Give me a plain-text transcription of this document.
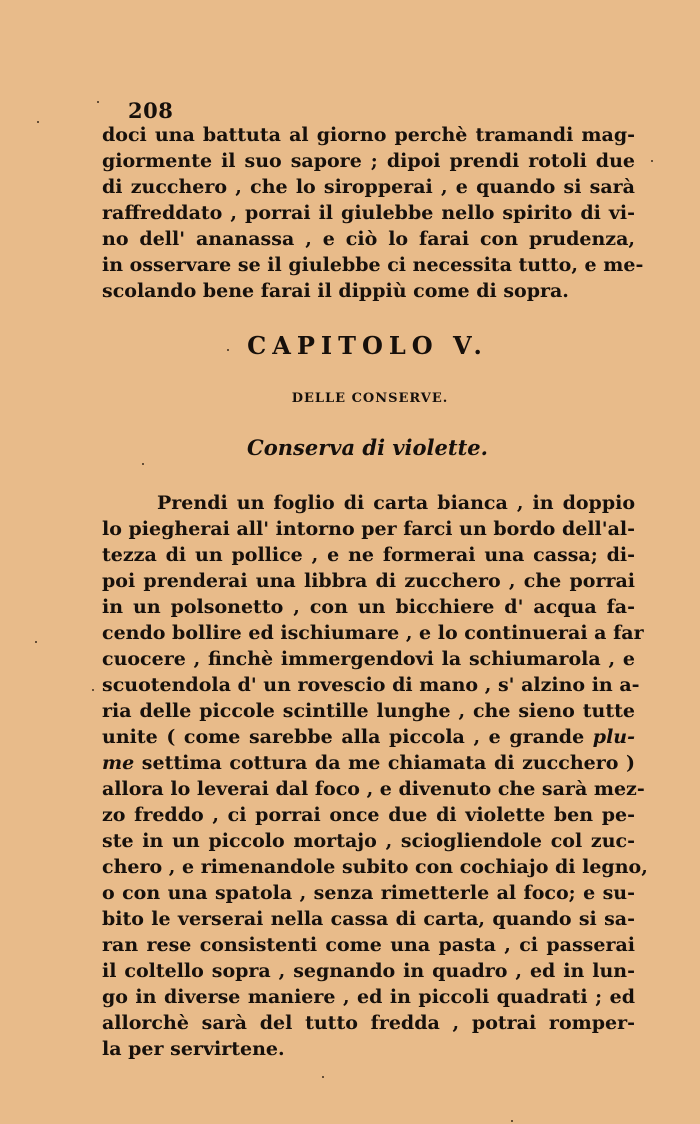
208
doci una battuta al giorno perchè tramandi mag-
giormente il suo sapore ; dipoi prendi rotoli due
di zucchero , che lo siropperai , e quando si sarà
raffreddato , porrai il giulebbe nello spirito di vi-
no dell' ananassa , e ciò lo farai con prudenza,
in osservare se il giulebbe ci necessita tutto, e me-
scolando bene farai il dippiù come di sopra.
CAPITOLO V.
DELLE CONSERVE.
Conserva di violette.
Prendi un foglio di carta bianca , in doppio
lo piegherai all' intorno per farci un bordo dell'al-
tezza di un pollice , e ne formerai una cassa; di-
poi prenderai una libbra di zucchero , che porrai
in un polsonetto , con un bicchiere d' acqua fa-
cendo bollire ed ischiumare , e lo continuerai a far
cuocere , finchè immergendovi la schiumarola , e
scuotendola d' un rovescio di mano , s' alzino in a-
ria delle piccole scintille lunghe , che sieno tutte
unite ( come sarebbe alla piccola , e grande plu-
me settima cottura da me chiamata di zucchero )
allora lo leverai dal foco , e divenuto che sarà mez-
zo freddo , ci porrai once due di violette ben pe-
ste in un piccolo mortajo , sciogliendole col zuc-
chero , e rimenandole subito con cochiajo di legno,
o con una spatola , senza rimetterle al foco; e su-
bito le verserai nella cassa di carta, quando si sa-
ran rese consistenti come una pasta , ci passerai
il coltello sopra , segnando in quadro , ed in lun-
go in diverse maniere , ed in piccoli quadrati ; ed
allorchè sarà del tutto fredda , potrai romper-
la per servirtene.
